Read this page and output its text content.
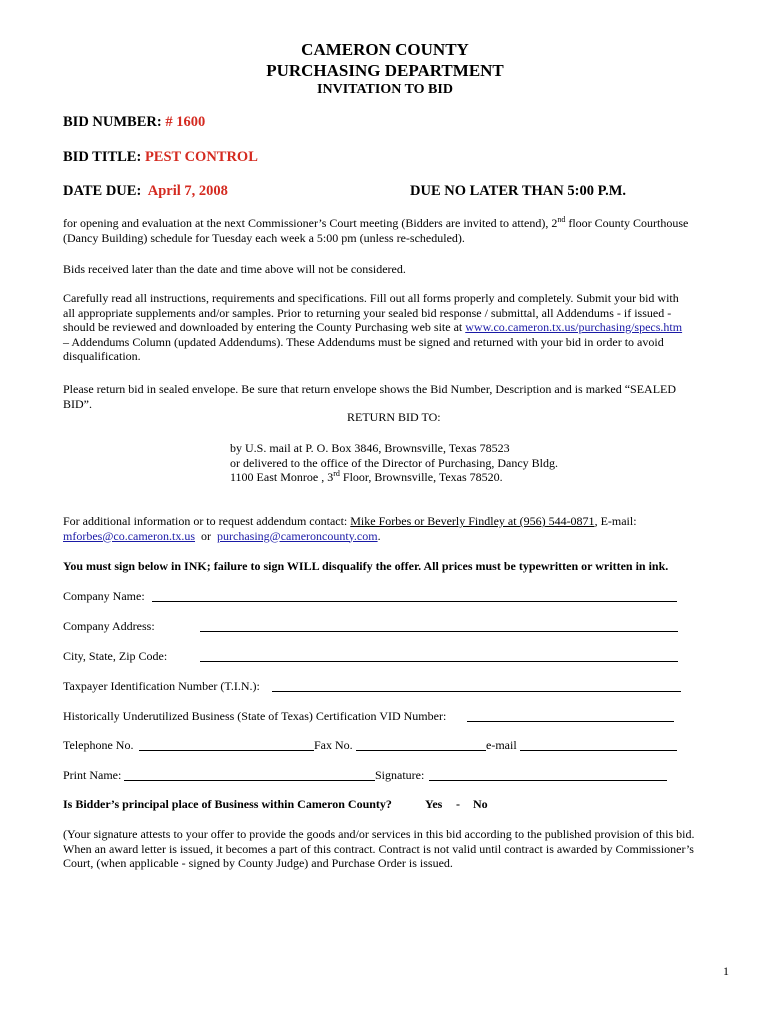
CAMERON COUNTY
PURCHASING DEPARTMENT
INVITATION TO BID
BID NUMBER: # 1600
BID TITLE: PEST CONTROL
DATE DUE: April 7, 2008	DUE NO LATER THAN 5:00 P.M.
for opening and evaluation at the next Commissioner’s Court meeting (Bidders are invited to attend), 2nd floor County Courthouse
(Dancy Building) schedule for Tuesday each week a 5:00 pm (unless re-scheduled).
Bids received later than the date and time above will not be considered.
Carefully read all instructions, requirements and specifications. Fill out all forms properly and completely. Submit your bid with
all appropriate supplements and/or samples. Prior to returning your sealed bid response / submittal, all Addendums - if issued -
should be reviewed and downloaded by entering the County Purchasing web site at www.co.cameron.tx.us/purchasing/specs.htm
– Addendums Column (updated Addendums). These Addendums must be signed and returned with your bid in order to avoid
disqualification.
Please return bid in sealed envelope. Be sure that return envelope shows the Bid Number, Description and is marked “SEALED
BID”.
RETURN BID TO:
by U.S. mail at P. O. Box 3846, Brownsville, Texas 78523
or delivered to the office of the Director of Purchasing, Dancy Bldg.
1100 East Monroe , 3rd Floor, Brownsville, Texas 78520.
For additional information or to request addendum contact: Mike Forbes or Beverly Findley at (956) 544-0871, E-mail:
mforbes@co.cameron.tx.us  or  purchasing@cameroncounty.com.
You must sign below in INK; failure to sign WILL disqualify the offer. All prices must be typewritten or written in ink.
Company Name:
Company Address:
City, State, Zip Code:
Taxpayer Identification Number (T.I.N.):
Historically Underutilized Business (State of Texas) Certification VID Number:
Telephone No.	Fax No.	e-mail
Print Name:	Signature:
Is Bidder’s principal place of Business within Cameron County?	Yes - No
(Your signature attests to your offer to provide the goods and/or services in this bid according to the published provision of this bid.
When an award letter is issued, it becomes a part of this contract. Contract is not valid until contract is awarded by Commissioner’s
Court, (when applicable - signed by County Judge) and Purchase Order is issued.
1
